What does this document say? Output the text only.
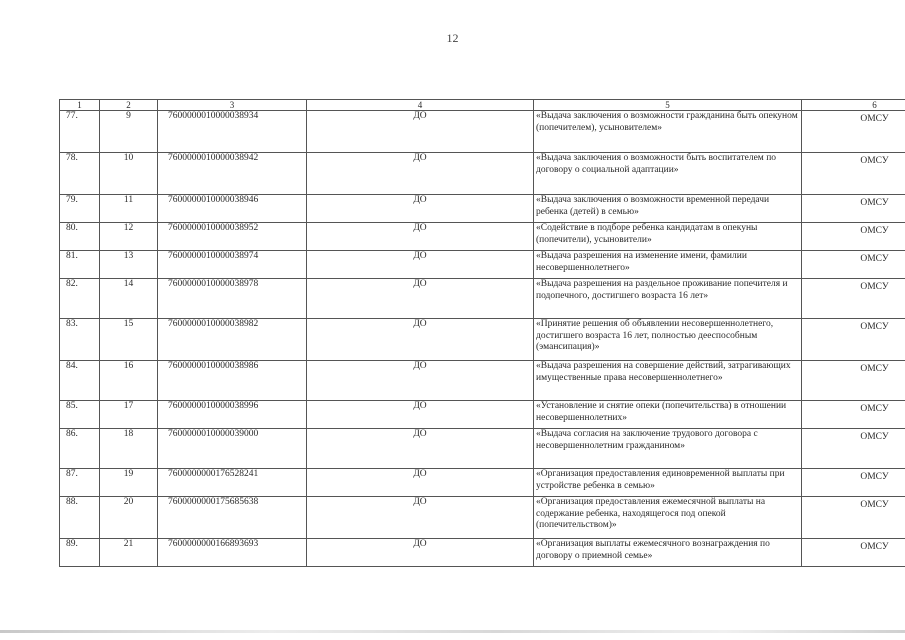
12
1	2	3	4	5	6
77.	9	7600000010000038934	ДО	«Выдача заключения о возможности гражданина быть опекуном (попечителем), усыновителем»	ОМСУ
78.	10	7600000010000038942	ДО	«Выдача заключения о возможности быть воспитателем по договору о социальной адаптации»	ОМСУ
79.	11	7600000010000038946	ДО	«Выдача заключения о возможности временной передачи ребенка (детей) в семью»	ОМСУ
80.	12	7600000010000038952	ДО	«Содействие в подборе ребенка кандидатам в опекуны (попечители), усыновители»	ОМСУ
81.	13	7600000010000038974	ДО	«Выдача разрешения на изменение имени, фамилии несовершеннолетнего»	ОМСУ
82.	14	7600000010000038978	ДО	«Выдача разрешения на раздельное проживание попечителя и подопечного, достигшего возраста 16 лет»	ОМСУ
83.	15	7600000010000038982	ДО	«Принятие решения об объявлении несовершеннолетнего, достигшего возраста 16 лет, полностью дееспособным (эмансипация)»	ОМСУ
84.	16	7600000010000038986	ДО	«Выдача разрешения на совершение действий, затрагивающих имущественные права несовершеннолетнего»	ОМСУ
85.	17	7600000010000038996	ДО	«Установление и снятие опеки (попечительства) в отношении несовершеннолетних»	ОМСУ
86.	18	7600000010000039000	ДО	«Выдача согласия на заключение трудового договора с несовершеннолетним гражданином»	ОМСУ
87.	19	7600000000176528241	ДО	«Организация предоставления единовременной выплаты при устройстве ребенка в семью»	ОМСУ
88.	20	7600000000175685638	ДО	«Организация предоставления ежемесячной выплаты на содержание ребенка, находящегося под опекой (попечительством)»	ОМСУ
89.	21	7600000000166893693	ДО	«Организация выплаты ежемесячного вознаграждения по договору о приемной семье»	ОМСУ
